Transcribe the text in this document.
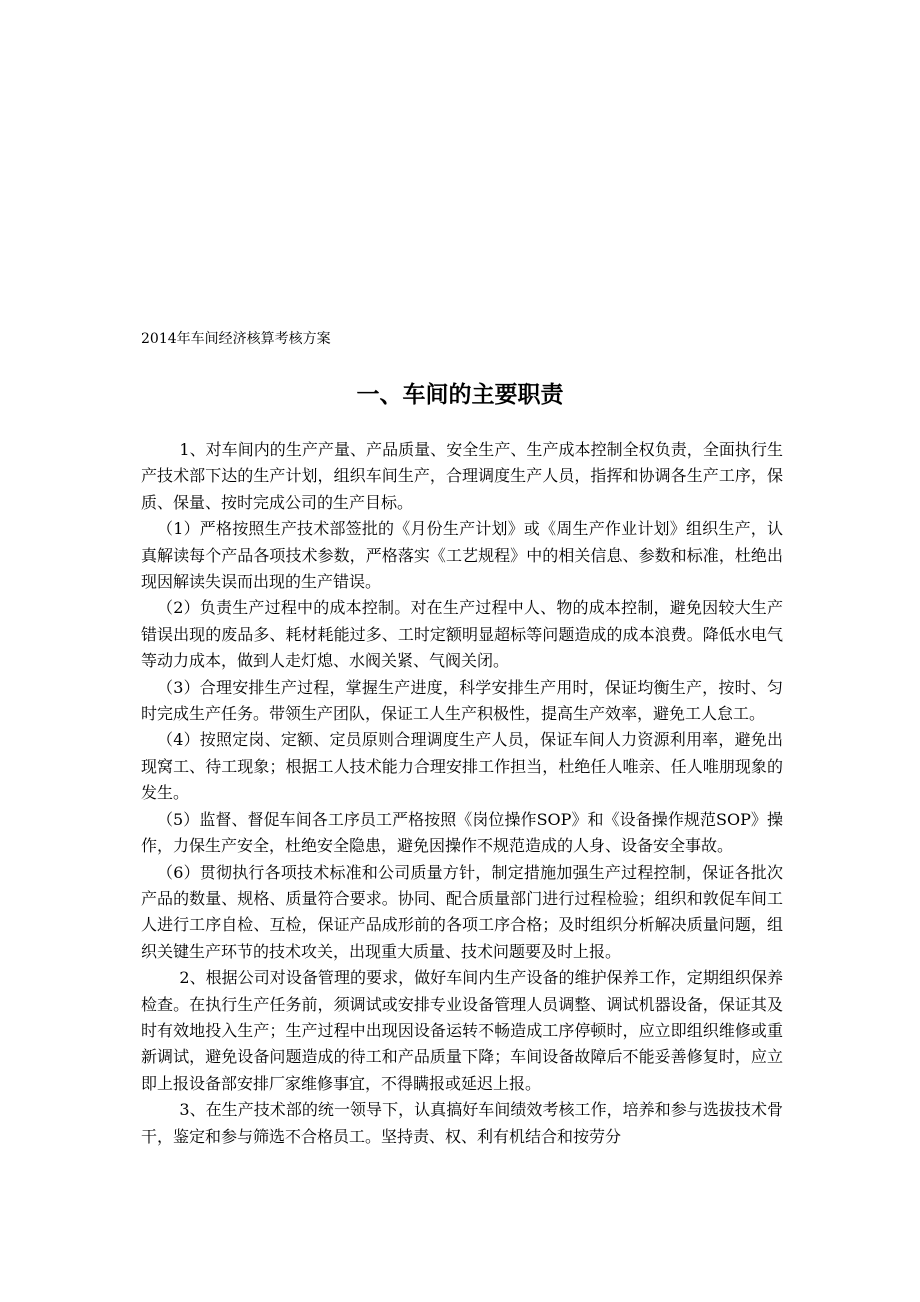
2014年车间经济核算考核方案
一、车间的主要职责

1、对车间内的生产产量、产品质量、安全生产、生产成本控制全权负责，全面执行生产技术部下达的生产计划，组织车间生产，合理调度生产人员，指挥和协调各生产工序，保质、保量、按时完成公司的生产目标。

（1）严格按照生产技术部签批的《月份生产计划》或《周生产作业计划》组织生产，认真解读每个产品各项技术参数，严格落实《工艺规程》中的相关信息、参数和标准，杜绝出现因解读失误而出现的生产错误。

（2）负责生产过程中的成本控制。对在生产过程中人、物的成本控制，避免因较大生产错误出现的废品多、耗材耗能过多、工时定额明显超标等问题造成的成本浪费。降低水电气等动力成本，做到人走灯熄、水阀关紧、气阀关闭。

（3）合理安排生产过程，掌握生产进度，科学安排生产用时，保证均衡生产，按时、匀时完成生产任务。带领生产团队，保证工人生产积极性，提高生产效率，避免工人怠工。

（4）按照定岗、定额、定员原则合理调度生产人员，保证车间人力资源利用率，避免出现窝工、待工现象；根据工人技术能力合理安排工作担当，杜绝任人唯亲、任人唯朋现象的发生。

（5）监督、督促车间各工序员工严格按照《岗位操作SOP》和《设备操作规范SOP》操作，力保生产安全，杜绝安全隐患，避免因操作不规范造成的人身、设备安全事故。

（6）贯彻执行各项技术标准和公司质量方针，制定措施加强生产过程控制，保证各批次产品的数量、规格、质量符合要求。协同、配合质量部门进行过程检验；组织和敦促车间工人进行工序自检、互检，保证产品成形前的各项工序合格；及时组织分析解决质量问题，组织关键生产环节的技术攻关，出现重大质量、技术问题要及时上报。

2、根据公司对设备管理的要求，做好车间内生产设备的维护保养工作，定期组织保养检查。在执行生产任务前，须调试或安排专业设备管理人员调整、调试机器设备，保证其及时有效地投入生产；生产过程中出现因设备运转不畅造成工序停顿时，应立即组织维修或重新调试，避免设备问题造成的待工和产品质量下降；车间设备故障后不能妥善修复时，应立即上报设备部安排厂家维修事宜，不得瞒报或延迟上报。

3、在生产技术部的统一领导下，认真搞好车间绩效考核工作，培养和参与选拔技术骨干，鉴定和参与筛选不合格员工。坚持责、权、利有机结合和按劳分
